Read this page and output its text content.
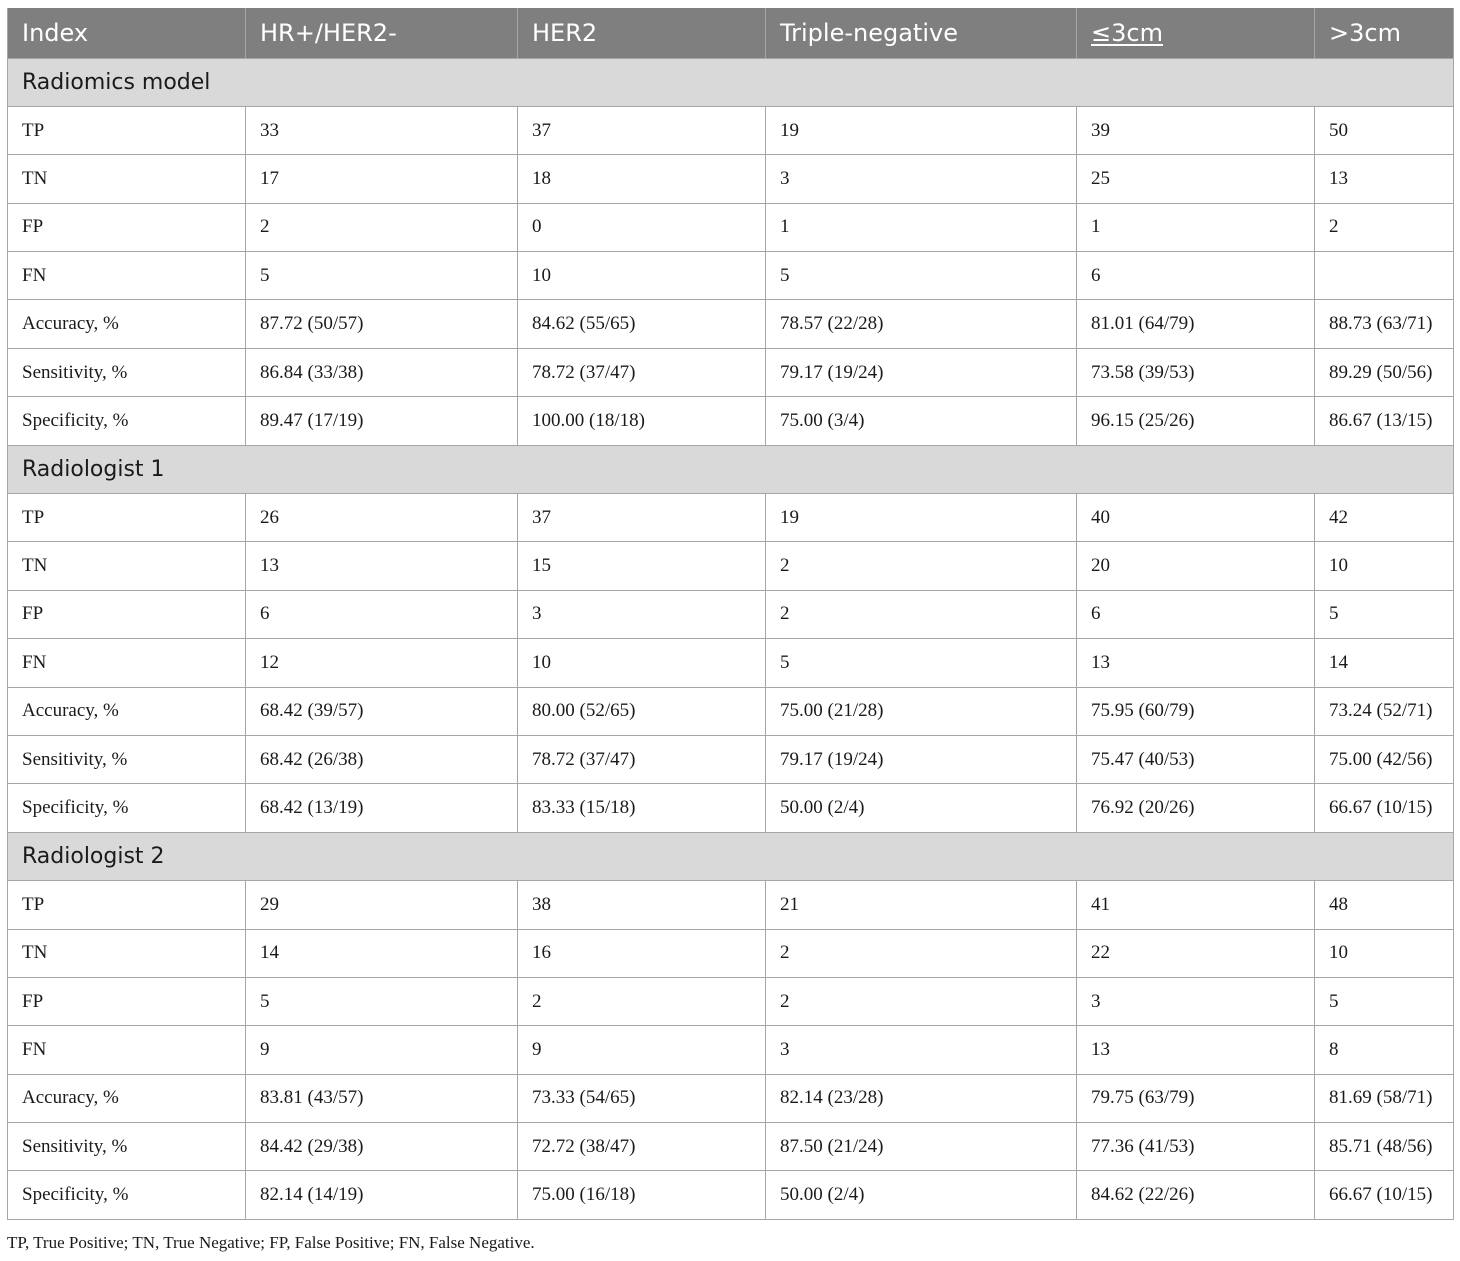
Index	HR+/HER2-	HER2	Triple-negative	≤3cm	>3cm
Radiomics model					
TP	33	37	19	39	50
TN	17	18	3	25	13
FP	2	0	1	1	2
FN	5	10	5	6	
Accuracy, %	87.72 (50/57)	84.62 (55/65)	78.57 (22/28)	81.01 (64/79)	88.73 (63/71)
Sensitivity, %	86.84 (33/38)	78.72 (37/47)	79.17 (19/24)	73.58 (39/53)	89.29 (50/56)
Specificity, %	89.47 (17/19)	100.00 (18/18)	75.00 (3/4)	96.15 (25/26)	86.67 (13/15)
Radiologist 1					
TP	26	37	19	40	42
TN	13	15	2	20	10
FP	6	3	2	6	5
FN	12	10	5	13	14
Accuracy, %	68.42 (39/57)	80.00 (52/65)	75.00 (21/28)	75.95 (60/79)	73.24 (52/71)
Sensitivity, %	68.42 (26/38)	78.72 (37/47)	79.17 (19/24)	75.47 (40/53)	75.00 (42/56)
Specificity, %	68.42 (13/19)	83.33 (15/18)	50.00 (2/4)	76.92 (20/26)	66.67 (10/15)
Radiologist 2					
TP	29	38	21	41	48
TN	14	16	2	22	10
FP	5	2	2	3	5
FN	9	9	3	13	8
Accuracy, %	83.81 (43/57)	73.33 (54/65)	82.14 (23/28)	79.75 (63/79)	81.69 (58/71)
Sensitivity, %	84.42 (29/38)	72.72 (38/47)	87.50 (21/24)	77.36 (41/53)	85.71 (48/56)
Specificity, %	82.14 (14/19)	75.00 (16/18)	50.00 (2/4)	84.62 (22/26)	66.67 (10/15)
TP, True Positive; TN, True Negative; FP, False Positive; FN, False Negative.
